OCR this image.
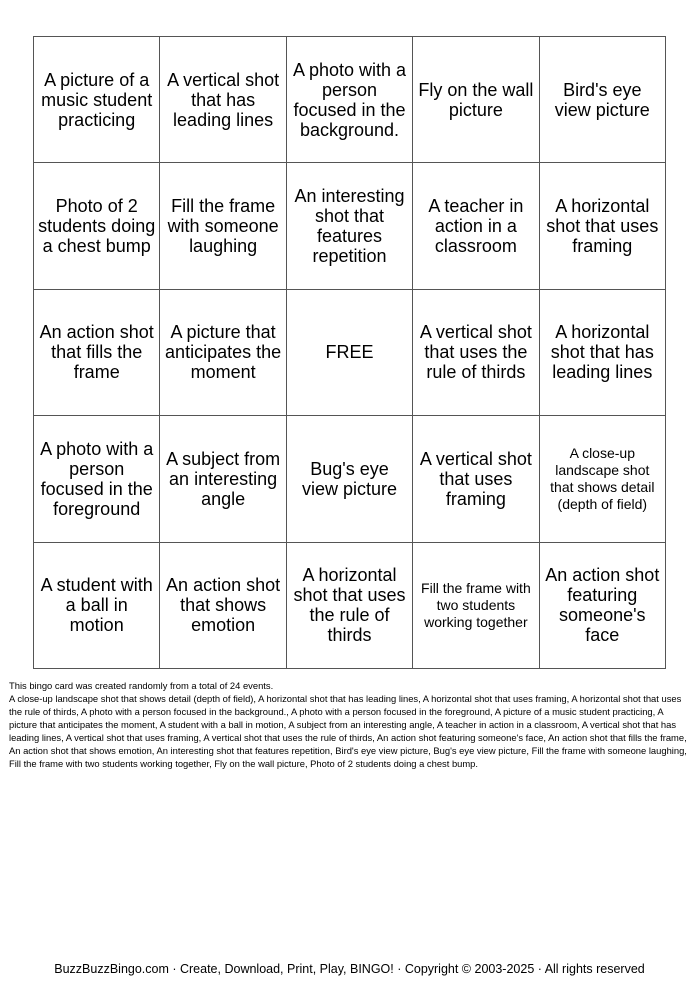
A picture of a music student practicing
A vertical shot that has leading lines
A photo with a person focused in the background.
Fly on the wall picture
Bird's eye view picture
Photo of 2 students doing a chest bump
Fill the frame with someone laughing
An interesting shot that features repetition
A teacher in action in a classroom
A horizontal shot that uses framing
An action shot that fills the frame
A picture that anticipates the moment
FREE
A vertical shot that uses the rule of thirds
A horizontal shot that has leading lines
A photo with a person focused in the foreground
A subject from an interesting angle
Bug's eye view picture
A vertical shot that uses framing
A close-up landscape shot that shows detail (depth of field)
A student with a ball in motion
An action shot that shows emotion
A horizontal shot that uses the rule of thirds
Fill the frame with two students working together
An action shot featuring someone's face

This bingo card was created randomly from a total of 24 events.

A close-up landscape shot that shows detail (depth of field), A horizontal shot that has leading lines, A horizontal shot that uses framing, A horizontal shot that uses the rule of thirds, A photo with a person focused in the background., A photo with a person focused in the foreground, A picture of a music student practicing, A picture that anticipates the moment, A student with a ball in motion, A subject from an interesting angle, A teacher in action in a classroom, A vertical shot that has leading lines, A vertical shot that uses framing, A vertical shot that uses the rule of thirds, An action shot featuring someone's face, An action shot that fills the frame, An action shot that shows emotion, An interesting shot that features repetition, Bird's eye view picture, Bug's eye view picture, Fill the frame with someone laughing, Fill the frame with two students working together, Fly on the wall picture, Photo of 2 students doing a chest bump.

BuzzBuzzBingo.com · Create, Download, Print, Play, BINGO! · Copyright © 2003-2025 · All rights reserved
